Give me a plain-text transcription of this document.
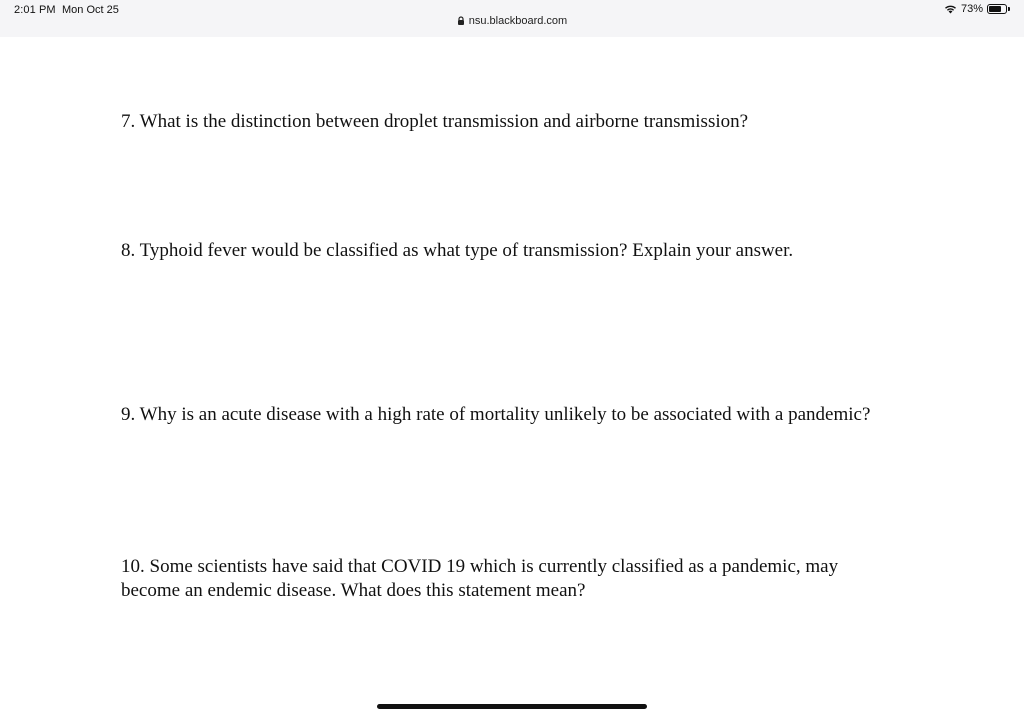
2:01 PM Mon Oct 25	73%
nsu.blackboard.com
7. What is the distinction between droplet transmission and airborne transmission?
8. Typhoid fever would be classified as what type of transmission? Explain your answer.
9. Why is an acute disease with a high rate of mortality unlikely to be associated with a pandemic?
10. Some scientists have said that COVID 19 which is currently classified as a pandemic, may become an endemic disease. What does this statement mean?
